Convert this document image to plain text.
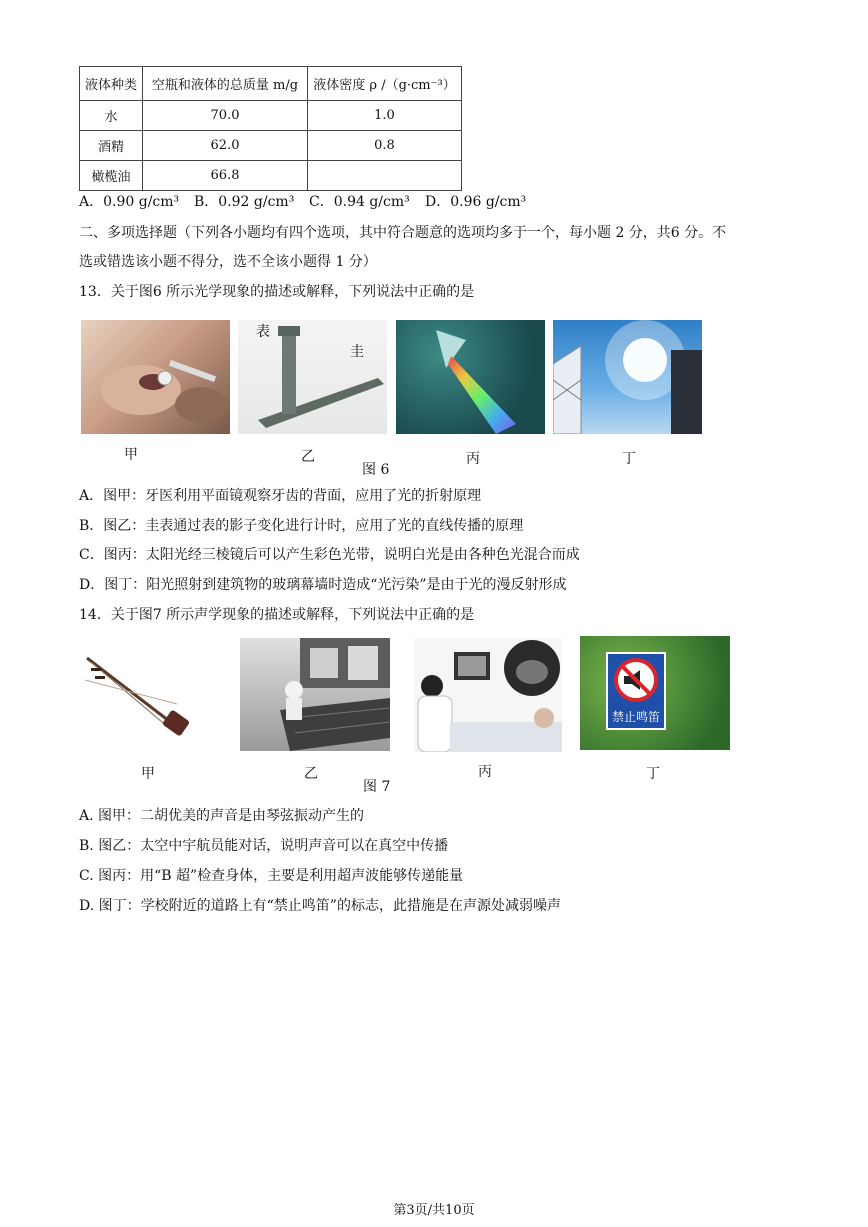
液体种类	空瓶和液体的总质量 m/g	液体密度 ρ /（g·cm⁻³）
水	70.0	1.0
酒精	62.0	0.8
橄榄油	66.8	
A．0.90 g/cm³ B．0.92 g/cm³ C．0.94 g/cm³ D．0.96 g/cm³
二、多项选择题（下列各小题均有四个选项，其中符合题意的选项均多于一个，每小题 2 分，共6 分。不
选或错选该小题不得分，选不全该小题得 1 分）
13．关于图6 所示光学现象的描述或解释，下列说法中正确的是
表
圭
甲	乙
图 6
丙	丁
A．图甲：牙医利用平面镜观察牙齿的背面，应用了光的折射原理
B．图乙：圭表通过表的影子变化进行计时，应用了光的直线传播的原理
C．图丙：太阳光经三棱镜后可以产生彩色光带，说明白光是由各种色光混合而成
D．图丁：阳光照射到建筑物的玻璃幕墙时造成“光污染”是由于光的漫反射形成
14．关于图7 所示声学现象的描述或解释，下列说法中正确的是
禁止鸣笛
甲	乙
图 7
丙	丁
A. 图甲：二胡优美的声音是由琴弦振动产生的
B. 图乙：太空中宇航员能对话，说明声音可以在真空中传播
C. 图丙：用“B 超”检查身体，主要是利用超声波能够传递能量
D. 图丁：学校附近的道路上有“禁止鸣笛”的标志，此措施是在声源处减弱噪声
第3页/共10页
